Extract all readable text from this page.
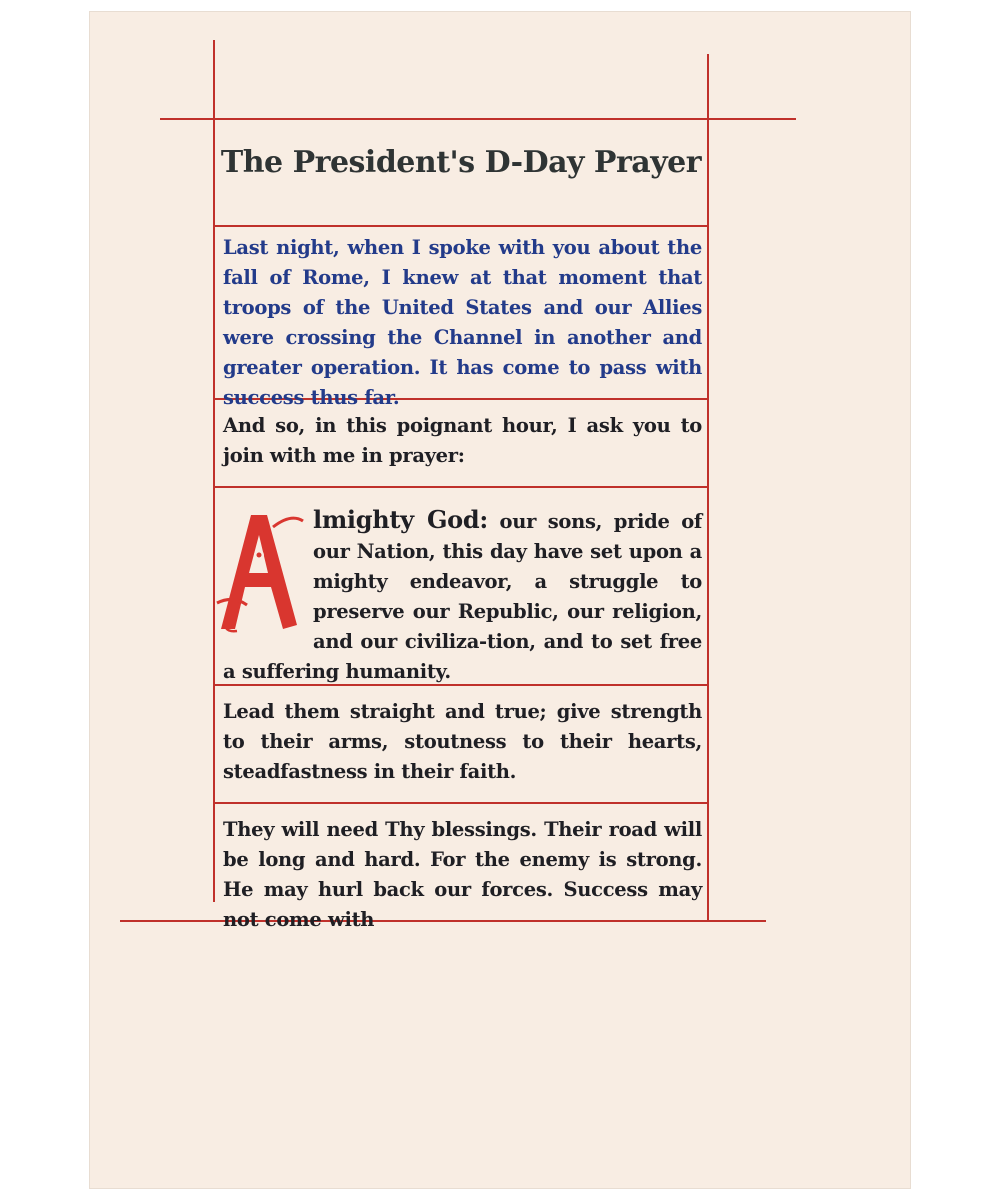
The President's D-Day Prayer
Last night, when I spoke with you about the fall of Rome, I knew at that moment that troops of the United States and our Allies were crossing the Channel in another and greater operation. It has come to pass with success thus far.
And so, in this poignant hour, I ask you to join with me in prayer:
lmighty God: our sons, pride of our Nation, this day have set upon a mighty endeavor, a struggle to preserve our Republic, our religion, and our civiliza-tion, and to set free a suffering humanity.
Lead them straight and true; give strength to their arms, stoutness to their hearts, steadfastness in their faith.
They will need Thy blessings. Their road will be long and hard. For the enemy is strong. He may hurl back our forces. Success may not come with
